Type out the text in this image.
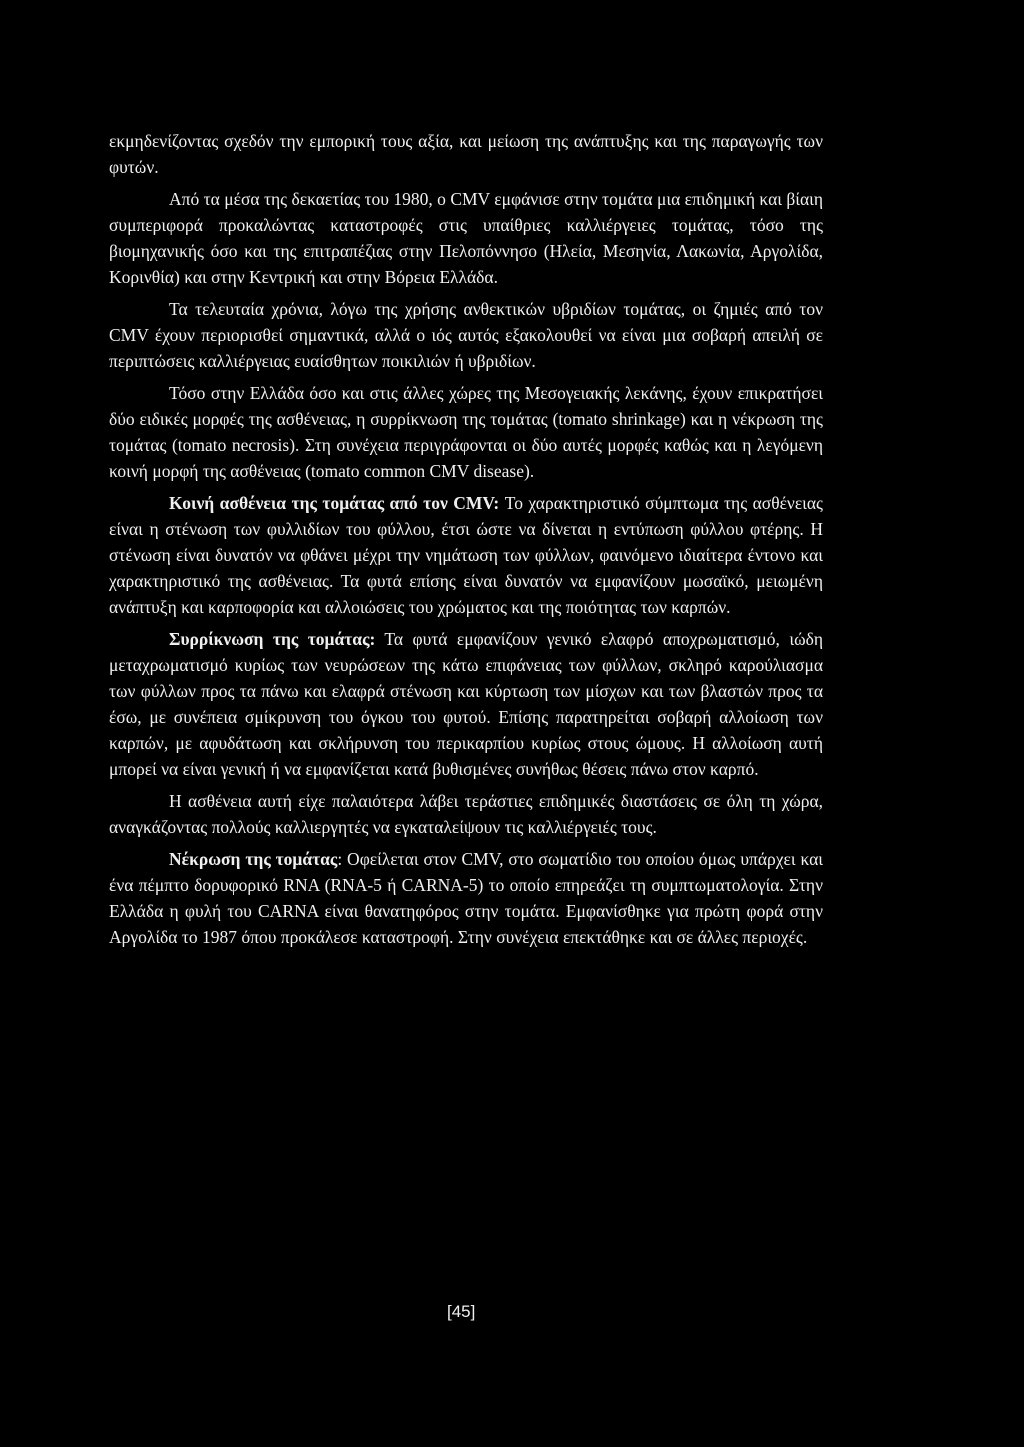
εκμηδενίζοντας σχεδόν την εμπορική τους αξία, και μείωση της ανάπτυξης και της παραγωγής των φυτών.

Από τα μέσα της δεκαετίας του 1980, ο CMV εμφάνισε στην τομάτα μια επιδημική και βίαιη συμπεριφορά προκαλώντας καταστροφές στις υπαίθριες καλλιέργειες τομάτας, τόσο της βιομηχανικής όσο και της επιτραπέζιας στην Πελοπόννησο (Ηλεία, Μεσηνία, Λακωνία, Αργολίδα, Κορινθία) και στην Κεντρική και στην Βόρεια Ελλάδα.

Τα τελευταία χρόνια, λόγω της χρήσης ανθεκτικών υβριδίων τομάτας, οι ζημιές από τον CMV έχουν περιορισθεί σημαντικά, αλλά ο ιός αυτός εξακολουθεί να είναι μια σοβαρή απειλή σε περιπτώσεις καλλιέργειας ευαίσθητων ποικιλιών ή υβριδίων.

Τόσο στην Ελλάδα όσο και στις άλλες χώρες της Μεσογειακής λεκάνης, έχουν επικρατήσει δύο ειδικές μορφές της ασθένειας, η συρρίκνωση της τομάτας (tomato shrinkage) και η νέκρωση της τομάτας (tomato necrosis). Στη συνέχεια περιγράφονται οι δύο αυτές μορφές καθώς και η λεγόμενη κοινή μορφή της ασθένειας (tomato common CMV disease).

Κοινή ασθένεια της τομάτας από τον CMV: Το χαρακτηριστικό σύμπτωμα της ασθένειας είναι η στένωση των φυλλιδίων του φύλλου, έτσι ώστε να δίνεται η εντύπωση φύλλου φτέρης. Η στένωση είναι δυνατόν να φθάνει μέχρι την νημάτωση των φύλλων, φαινόμενο ιδιαίτερα έντονο και χαρακτηριστικό της ασθένειας. Τα φυτά επίσης είναι δυνατόν να εμφανίζουν μωσαϊκό, μειωμένη ανάπτυξη και καρποφορία και αλλοιώσεις του χρώματος και της ποιότητας των καρπών.

Συρρίκνωση της τομάτας: Τα φυτά εμφανίζουν γενικό ελαφρό αποχρωματισμό, ιώδη μεταχρωματισμό κυρίως των νευρώσεων της κάτω επιφάνειας των φύλλων, σκληρό καρούλιασμα των φύλλων προς τα πάνω και ελαφρά στένωση και κύρτωση των μίσχων και των βλαστών προς τα έσω, με συνέπεια σμίκρυνση του όγκου του φυτού. Επίσης παρατηρείται σοβαρή αλλοίωση των καρπών, με αφυδάτωση και σκλήρυνση του περικαρπίου κυρίως στους ώμους. Η αλλοίωση αυτή μπορεί να είναι γενική ή να εμφανίζεται κατά βυθισμένες συνήθως θέσεις πάνω στον καρπό.

Η ασθένεια αυτή είχε παλαιότερα λάβει τεράστιες επιδημικές διαστάσεις σε όλη τη χώρα, αναγκάζοντας πολλούς καλλιεργητές να εγκαταλείψουν τις καλλιέργειές τους.

Νέκρωση της τομάτας: Οφείλεται στον CMV, στο σωματίδιο του οποίου όμως υπάρχει και ένα πέμπτο δορυφορικό RNA (RNA-5 ή CARNA-5) το οποίο επηρεάζει τη συμπτωματολογία. Στην Ελλάδα η φυλή του CARNA είναι θανατηφόρος στην τομάτα. Εμφανίσθηκε για πρώτη φορά στην Αργολίδα το 1987 όπου προκάλεσε καταστροφή. Στην συνέχεια επεκτάθηκε και σε άλλες περιοχές.

[45]
